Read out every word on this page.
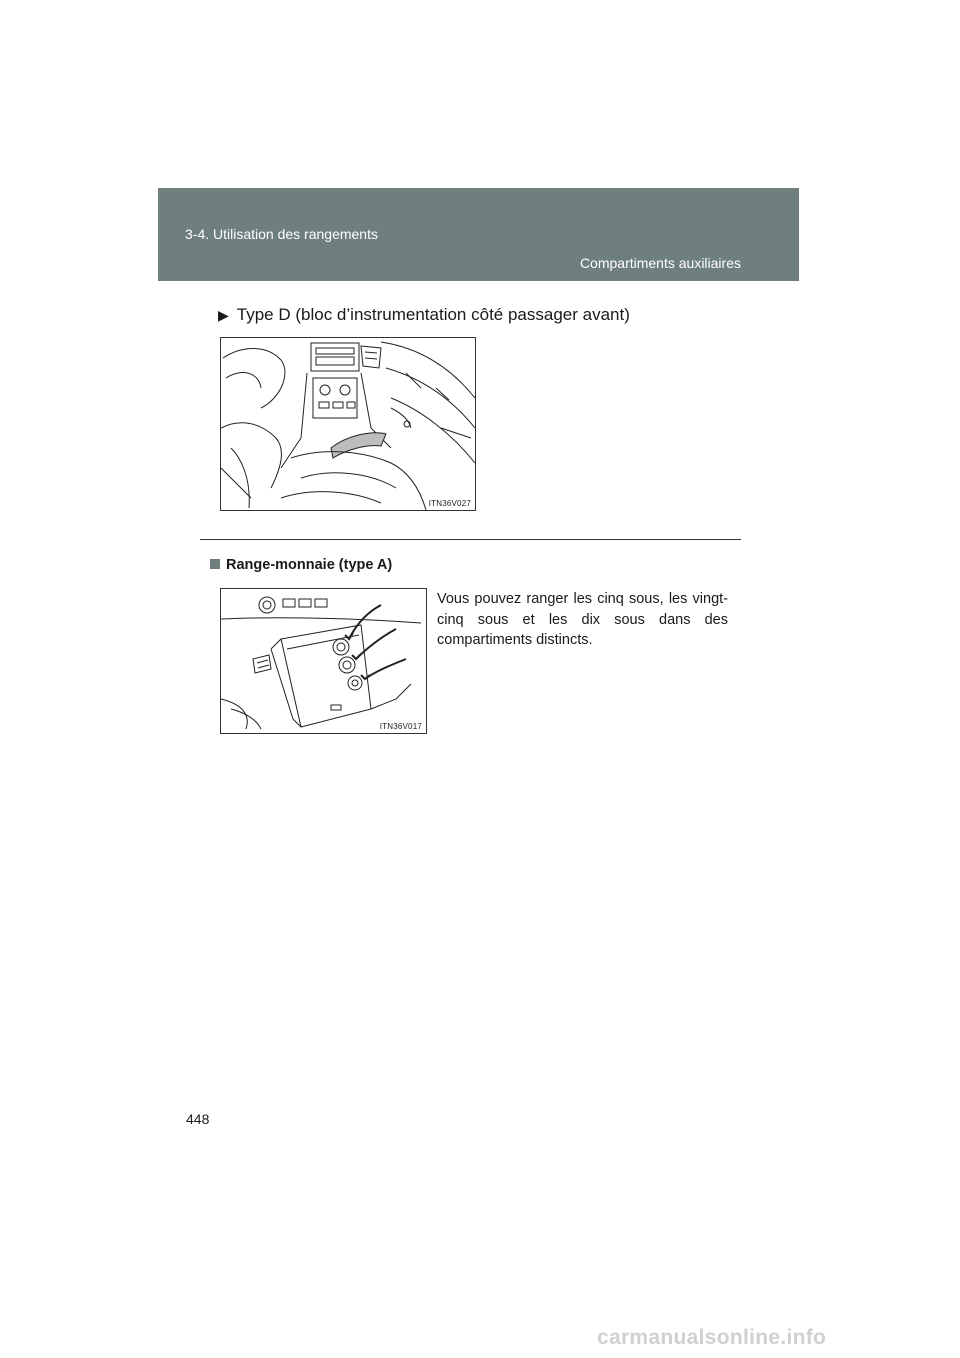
3-4. Utilisation des rangements
Compartiments auxiliaires
▶ Type D (bloc d’instrumentation côté passager avant)
ITN36V027
Range-monnaie (type A)
Vous pouvez ranger les cinq sous, les vingt-cinq sous et les dix sous dans des compartiments distincts.
ITN36V017
448
carmanualsonline.info
